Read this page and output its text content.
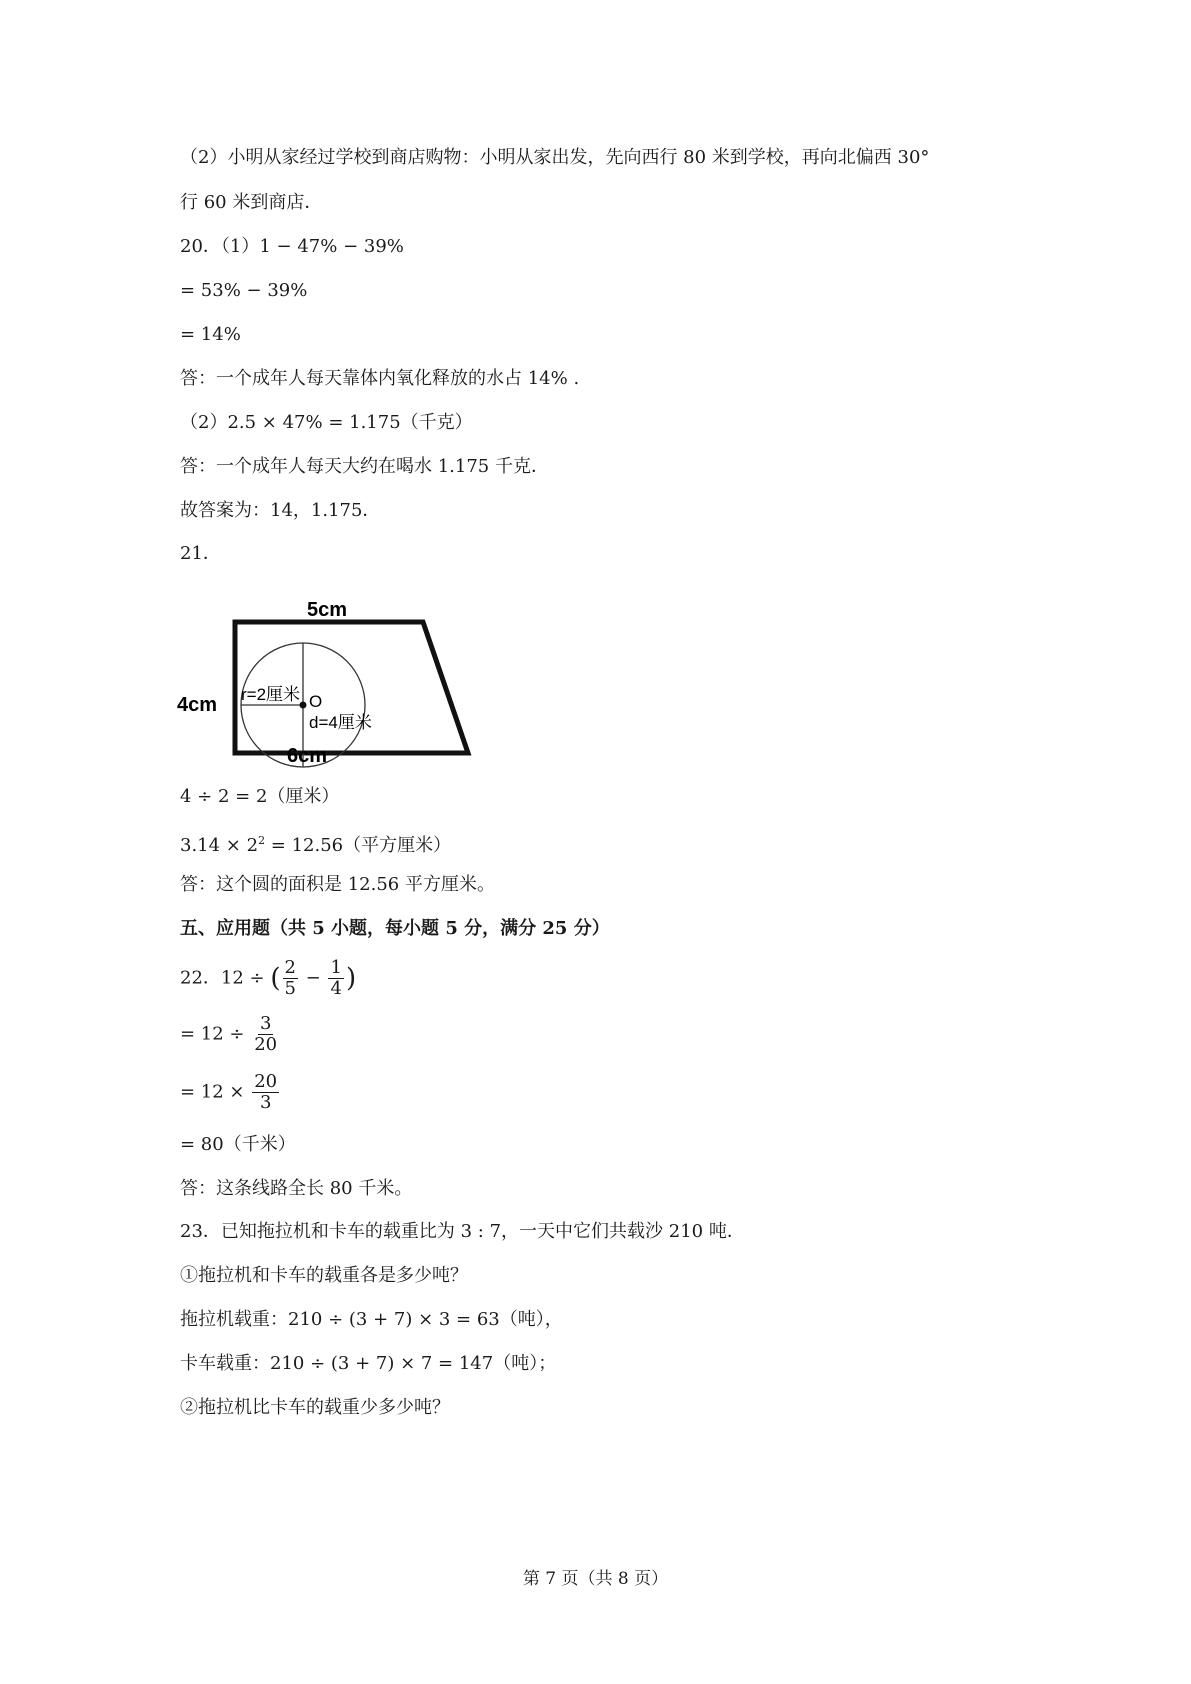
（2）小明从家经过学校到商店购物：小明从家出发，先向西行 80 米到学校，再向北偏西 30°
行 60 米到商店．
20．（1）1 − 47% − 39%
= 53% − 39%
= 14%
答：一个成年人每天靠体内氧化释放的水占 14% .
（2）2.5 × 47% = 1.175（千克）
答：一个成年人每天大约在喝水 1.175 千克．
故答案为：14，1.175．
21．
5cm
4cm
6cm
r=2厘米 O
d=4厘米
4 ÷ 2 = 2（厘米）
$3.14 \times 2^2 = 12.56$（平方厘米）
答：这个圆的面积是 12.56 平方厘米。
五、应用题（共 5 小题，每小题 5 分，满分 25 分）
22．12 ÷ ( $\frac{2}{5} - \frac{1}{4}$ )
= $12 \div \frac{3}{20}$
= $12 \times \frac{20}{3}$
= 80（千米）
答：这条线路全长 80 千米。
23．已知拖拉机和卡车的载重比为 3 : 7，一天中它们共载沙 210 吨．
①拖拉机和卡车的载重各是多少吨？
拖拉机载重：210 ÷ (3 + 7) × 3 = 63（吨），
卡车载重：210 ÷ (3 + 7) × 7 = 147（吨）；
②拖拉机比卡车的载重少多少吨？
第 7 页（共 8 页）
